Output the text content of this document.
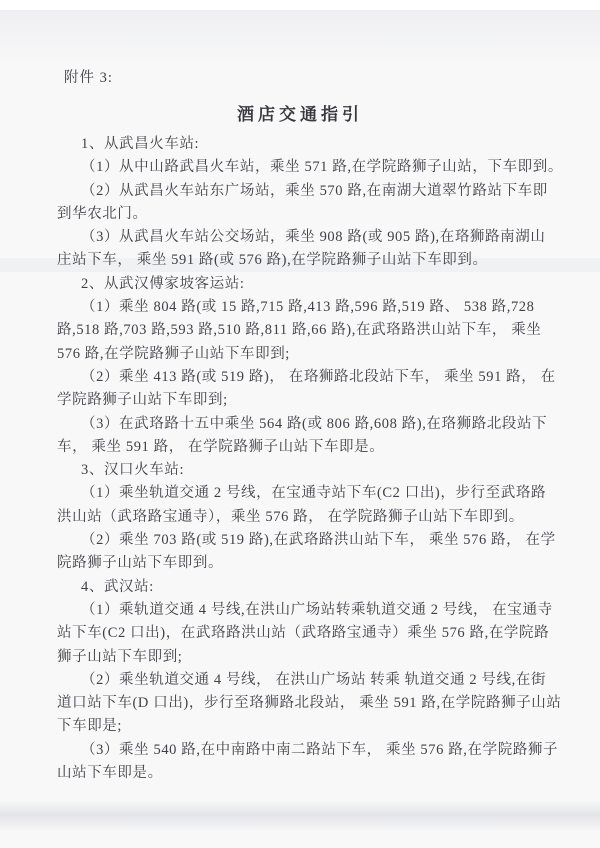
附件 3:
酒店交通指引
1、从武昌火车站:
（1）从中山路武昌火车站，乘坐 571 路,在学院路狮子山站，下车即到。
（2）从武昌火车站东广场站，乘坐 570 路,在南湖大道翠竹路站下车即
到华农北门。
（3）从武昌火车站公交场站，乘坐 908 路(或 905 路),在珞狮路南湖山
庄站下车， 乘坐 591 路(或 576 路),在学院路狮子山站下车即到。
2、从武汉傅家坡客运站:
（1）乘坐 804 路(或 15 路,715 路,413 路,596 路,519 路、 538 路,728
路,518 路,703 路,593 路,510 路,811 路,66 路),在武珞路洪山站下车， 乘坐
576 路,在学院路狮子山站下车即到;
（2）乘坐 413 路(或 519 路)， 在珞狮路北段站下车， 乘坐 591 路， 在
学院路狮子山站下车即到;
（3）在武珞路十五中乘坐 564 路(或 806 路,608 路),在珞狮路北段站下
车， 乘坐 591 路， 在学院路狮子山站下车即是。
3、汉口火车站:
（1）乘坐轨道交通 2 号线，在宝通寺站下车(C2 口出)，步行至武珞路
洪山站（武珞路宝通寺），乘坐 576 路， 在学院路狮子山站下车即到。
（2）乘坐 703 路(或 519 路),在武珞路洪山站下车， 乘坐 576 路， 在学
院路狮子山站下车即到。
4、武汉站:
（1）乘轨道交通 4 号线,在洪山广场站转乘轨道交通 2 号线， 在宝通寺
站下车(C2 口出)，在武珞路洪山站（武珞路宝通寺）乘坐 576 路,在学院路
狮子山站下车即到;
（2）乘坐轨道交通 4 号线， 在洪山广场站 转乘 轨道交通 2 号线,在街
道口站下车(D 口出)，步行至珞狮路北段站， 乘坐 591 路,在学院路狮子山站
下车即是;
（3）乘坐 540 路,在中南路中南二路站下车， 乘坐 576 路,在学院路狮子
山站下车即是。
